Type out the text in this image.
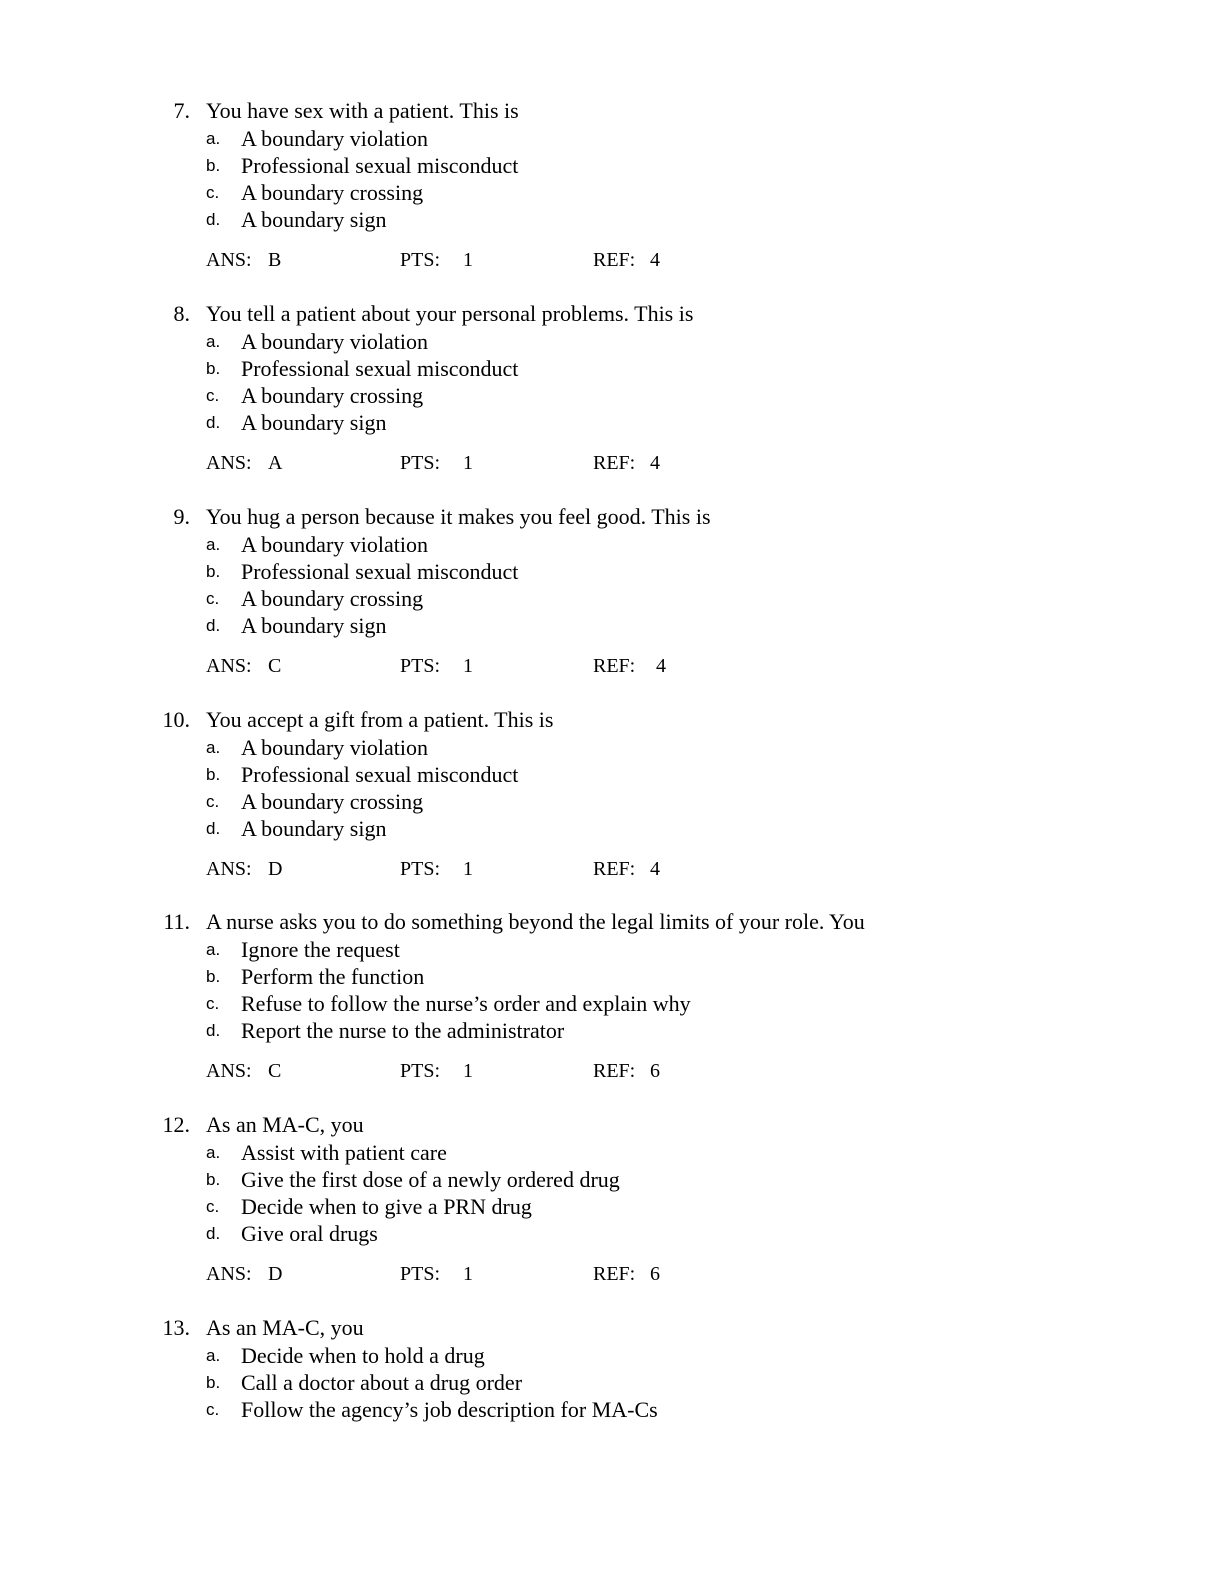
7. You have sex with a patient. This is
a. A boundary violation
b. Professional sexual misconduct
c. A boundary crossing
d. A boundary sign
ANS: B	PTS: 1	REF: 4
8. You tell a patient about your personal problems. This is
a. A boundary violation
b. Professional sexual misconduct
c. A boundary crossing
d. A boundary sign
ANS: A	PTS: 1	REF: 4
9. You hug a person because it makes you feel good. This is
a. A boundary violation
b. Professional sexual misconduct
c. A boundary crossing
d. A boundary sign
ANS: C	PTS: 1	REF: 4
10. You accept a gift from a patient. This is
a. A boundary violation
b. Professional sexual misconduct
c. A boundary crossing
d. A boundary sign
ANS: D	PTS: 1	REF: 4
11. A nurse asks you to do something beyond the legal limits of your role. You
a. Ignore the request
b. Perform the function
c. Refuse to follow the nurse’s order and explain why
d. Report the nurse to the administrator
ANS: C	PTS: 1	REF: 6
12. As an MA-C, you
a. Assist with patient care
b. Give the first dose of a newly ordered drug
c. Decide when to give a PRN drug
d. Give oral drugs
ANS: D	PTS: 1	REF: 6
13. As an MA-C, you
a. Decide when to hold a drug
b. Call a doctor about a drug order
c. Follow the agency’s job description for MA-Cs
